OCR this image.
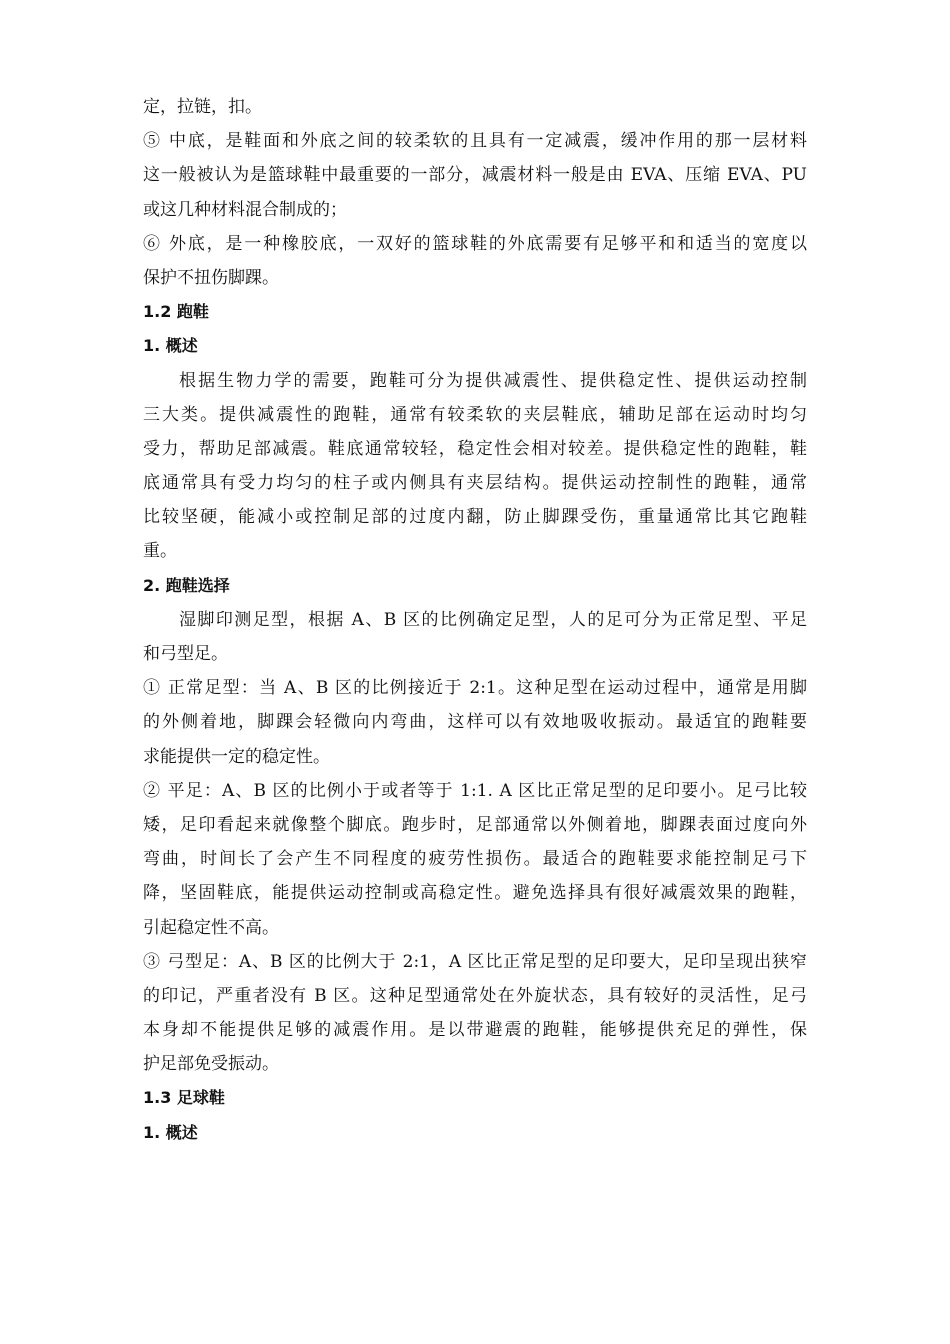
定，拉链，扣。
⑤ 中底，是鞋面和外底之间的较柔软的且具有一定减震，缓冲作用的那一层材料
这一般被认为是篮球鞋中最重要的一部分，减震材料一般是由 EVA、压缩 EVA、PU
或这几种材料混合制成的；
⑥ 外底，是一种橡胶底，一双好的篮球鞋的外底需要有足够平和和适当的宽度以
保护不扭伤脚踝。
1.2 跑鞋
1. 概述
根据生物力学的需要，跑鞋可分为提供减震性、提供稳定性、提供运动控制
三大类。提供减震性的跑鞋，通常有较柔软的夹层鞋底，辅助足部在运动时均匀
受力，帮助足部减震。鞋底通常较轻，稳定性会相对较差。提供稳定性的跑鞋，鞋
底通常具有受力均匀的柱子或内侧具有夹层结构。提供运动控制性的跑鞋，通常
比较坚硬，能减小或控制足部的过度内翻，防止脚踝受伤，重量通常比其它跑鞋
重。
2. 跑鞋选择
湿脚印测足型，根据 A、B 区的比例确定足型，人的足可分为正常足型、平足
和弓型足。
① 正常足型：当 A、B 区的比例接近于 2:1。这种足型在运动过程中，通常是用脚
的外侧着地，脚踝会轻微向内弯曲，这样可以有效地吸收振动。最适宜的跑鞋要
求能提供一定的稳定性。
② 平足：A、B 区的比例小于或者等于 1:1. A 区比正常足型的足印要小。足弓比较
矮，足印看起来就像整个脚底。跑步时，足部通常以外侧着地，脚踝表面过度向外
弯曲，时间长了会产生不同程度的疲劳性损伤。最适合的跑鞋要求能控制足弓下
降，坚固鞋底，能提供运动控制或高稳定性。避免选择具有很好减震效果的跑鞋，
引起稳定性不高。
③ 弓型足：A、B 区的比例大于 2:1，A 区比正常足型的足印要大，足印呈现出狭窄
的印记，严重者没有 B 区。这种足型通常处在外旋状态，具有较好的灵活性，足弓
本身却不能提供足够的减震作用。是以带避震的跑鞋，能够提供充足的弹性，保
护足部免受振动。
1.3 足球鞋
1. 概述
